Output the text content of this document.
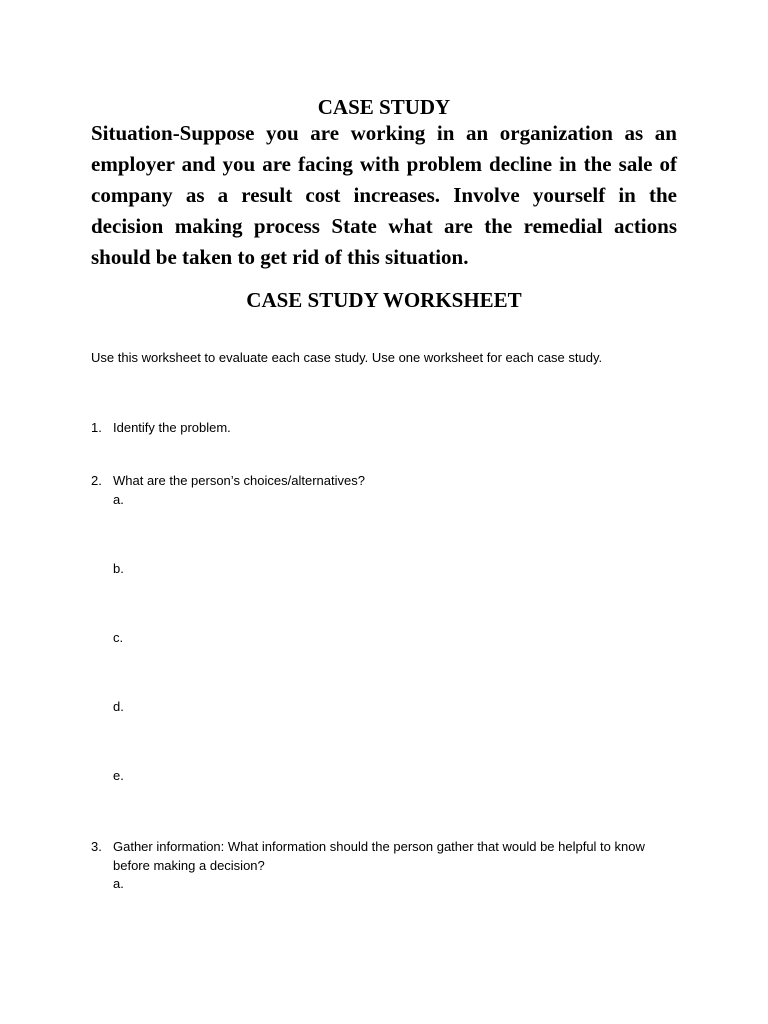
CASE STUDY
Situation-Suppose you are working in an organization as an employer and you are facing with problem decline in the sale of company as a result cost increases. Involve yourself in the decision making process State what are the remedial actions should be taken to get rid of this situation.
CASE STUDY WORKSHEET
Use this worksheet to evaluate each case study. Use one worksheet for each case study.
1. Identify the problem.
2. What are the person’s choices/alternatives?
a.
b.
c.
d.
e.
3. Gather information: What information should the person gather that would be helpful to know before making a decision?
a.
